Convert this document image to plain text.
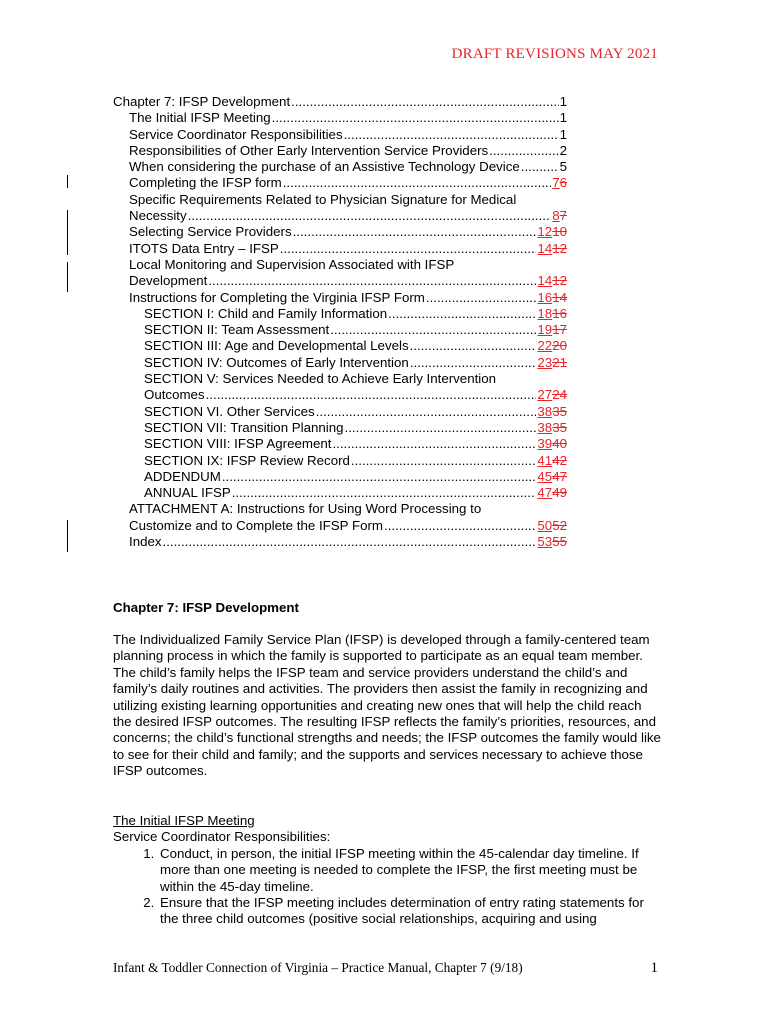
DRAFT REVISIONS MAY 2021
Chapter 7: IFSP Development .....	1
The Initial IFSP Meeting .....	1
Service Coordinator Responsibilities .....	1
Responsibilities of Other Early Intervention Service Providers .....	2
When considering the purchase of an Assistive Technology Device .....	5
Completing the IFSP form .....	76
Specific Requirements Related to Physician Signature for Medical
Necessity .....	87
Selecting Service Providers .....	1210
ITOTS Data Entry – IFSP .....	1412
Local Monitoring and Supervision Associated with IFSP
Development .....	1412
Instructions for Completing the Virginia IFSP Form .....	1614
SECTION I: Child and Family Information .....	1816
SECTION II: Team Assessment .....	1917
SECTION III: Age and Developmental Levels .....	2220
SECTION IV: Outcomes of Early Intervention .....	2321
SECTION V: Services Needed to Achieve Early Intervention
Outcomes .....	2724
SECTION VI. Other Services .....	3835
SECTION VII: Transition Planning .....	3835
SECTION VIII: IFSP Agreement .....	3940
SECTION IX: IFSP Review Record .....	4142
ADDENDUM .....	4547
ANNUAL IFSP .....	4749
ATTACHMENT A: Instructions for Using Word Processing to
Customize and to Complete the IFSP Form .....	5052
Index .....	5355
Chapter 7: IFSP Development
The Individualized Family Service Plan (IFSP) is developed through a family-centered team planning process in which the family is supported to participate as an equal team member. The child’s family helps the IFSP team and service providers understand the child’s and family’s daily routines and activities. The providers then assist the family in recognizing and utilizing existing learning opportunities and creating new ones that will help the child reach the desired IFSP outcomes. The resulting IFSP reflects the family’s priorities, resources, and concerns; the child’s functional strengths and needs; the IFSP outcomes the family would like to see for their child and family; and the supports and services necessary to achieve those IFSP outcomes.
The Initial IFSP Meeting
Service Coordinator Responsibilities:
1. Conduct, in person, the initial IFSP meeting within the 45-calendar day timeline. If more than one meeting is needed to complete the IFSP, the first meeting must be within the 45-day timeline.
2. Ensure that the IFSP meeting includes determination of entry rating statements for the three child outcomes (positive social relationships, acquiring and using
Infant & Toddler Connection of Virginia – Practice Manual, Chapter 7 (9/18)	1
